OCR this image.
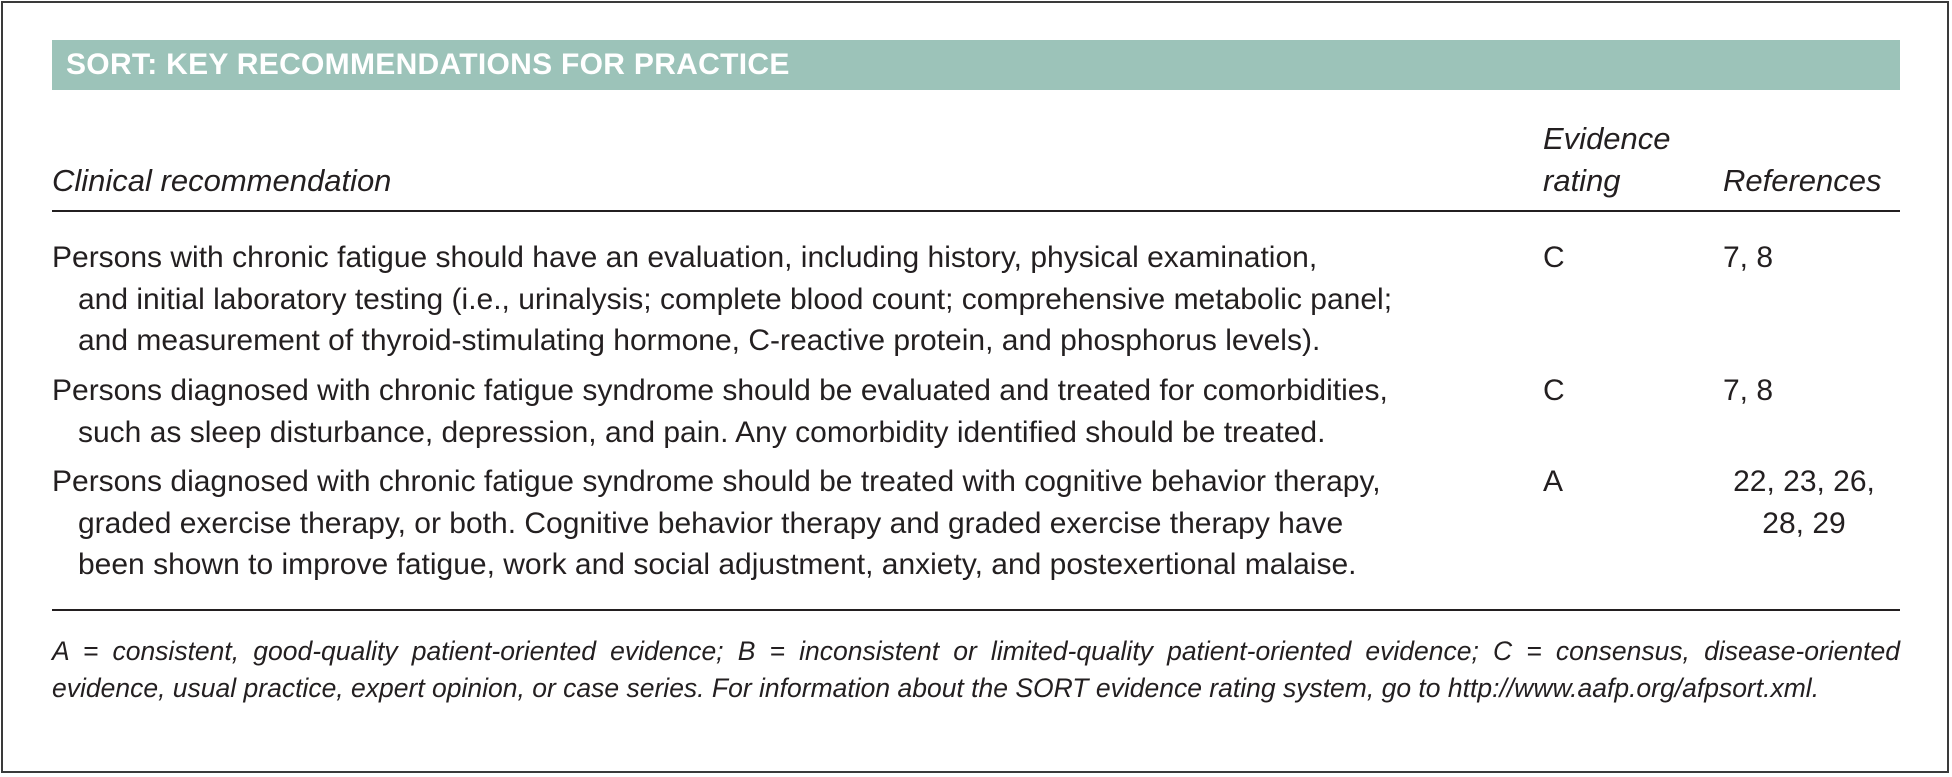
SORT: KEY RECOMMENDATIONS FOR PRACTICE
Clinical recommendation
Evidence
rating	References
Persons with chronic fatigue should have an evaluation, including history, physical examination,
and initial laboratory testing (i.e., urinalysis; complete blood count; comprehensive metabolic panel;
and measurement of thyroid-stimulating hormone, C-reactive protein, and phosphorus levels).
C	7, 8
Persons diagnosed with chronic fatigue syndrome should be evaluated and treated for comorbidities,
such as sleep disturbance, depression, and pain. Any comorbidity identified should be treated.
C	7, 8
Persons diagnosed with chronic fatigue syndrome should be treated with cognitive behavior therapy,
graded exercise therapy, or both. Cognitive behavior therapy and graded exercise therapy have
been shown to improve fatigue, work and social adjustment, anxiety, and postexertional malaise.
A	22, 23, 26, 28, 29
A = consistent, good-quality patient-oriented evidence; B = inconsistent or limited-quality patient-oriented evidence; C = consensus, disease-oriented evidence, usual practice, expert opinion, or case series. For information about the SORT evidence rating system, go to http://www.aafp.org/afpsort.xml.
